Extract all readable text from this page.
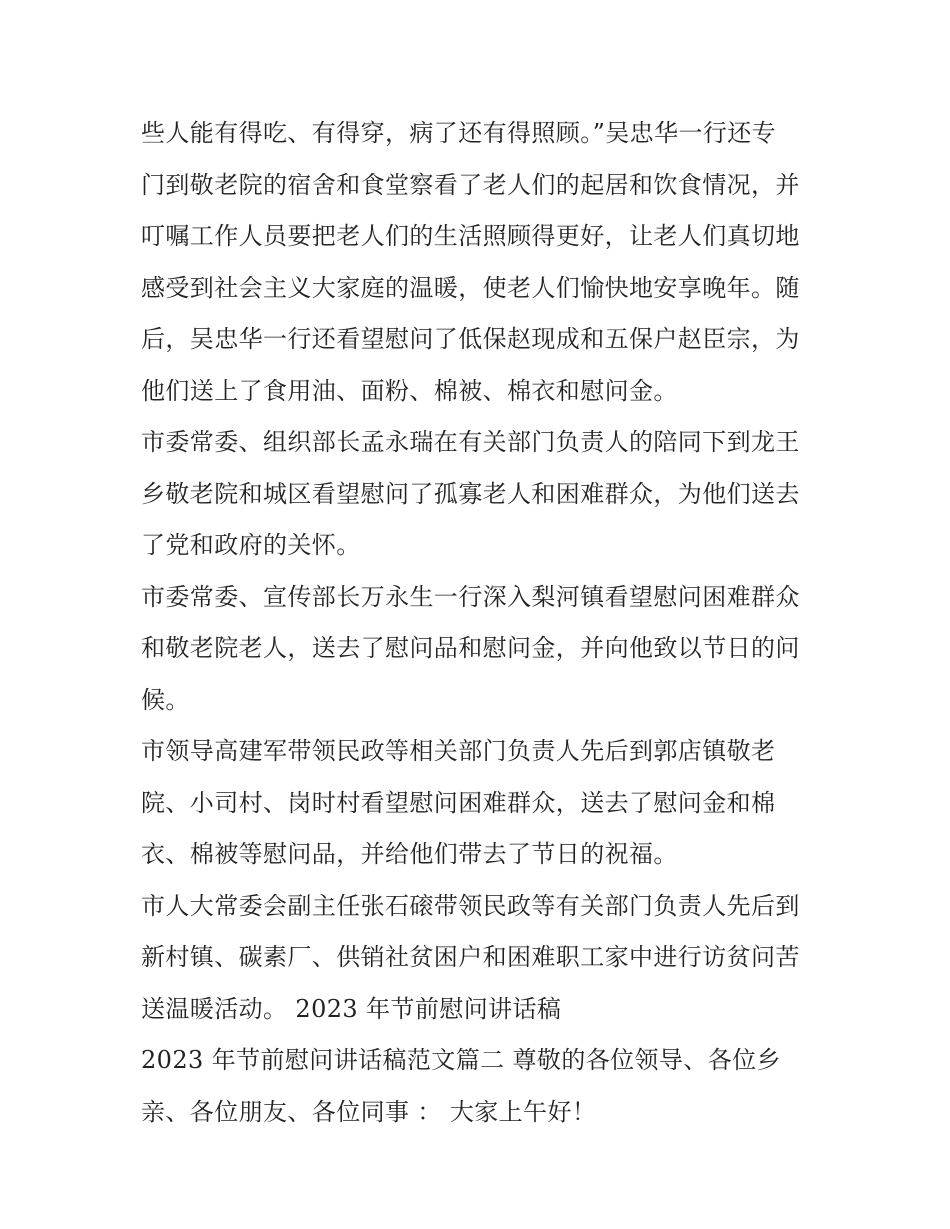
些人能有得吃、有得穿，病了还有得照顾。”吴忠华一行还专
门到敬老院的宿舍和食堂察看了老人们的起居和饮食情况，并
叮嘱工作人员要把老人们的生活照顾得更好，让老人们真切地
感受到社会主义大家庭的温暖，使老人们愉快地安享晚年。随
后，吴忠华一行还看望慰问了低保赵现成和五保户赵臣宗，为
他们送上了食用油、面粉、棉被、棉衣和慰问金。
市委常委、组织部长孟永瑞在有关部门负责人的陪同下到龙王
乡敬老院和城区看望慰问了孤寡老人和困难群众，为他们送去
了党和政府的关怀。
市委常委、宣传部长万永生一行深入梨河镇看望慰问困难群众
和敬老院老人，送去了慰问品和慰问金，并向他致以节日的问
候。
市领导高建军带领民政等相关部门负责人先后到郭店镇敬老
院、小司村、岗时村看望慰问困难群众，送去了慰问金和棉
衣、棉被等慰问品，并给他们带去了节日的祝福。
市人大常委会副主任张石磙带领民政等有关部门负责人先后到
新村镇、碳素厂、供销社贫困户和困难职工家中进行访贫问苦
送温暖活动。 2023 年节前慰问讲话稿
2023 年节前慰问讲话稿范文篇二 尊敬的各位领导、各位乡
亲、各位朋友、各位同事 ： 大家上午好！
